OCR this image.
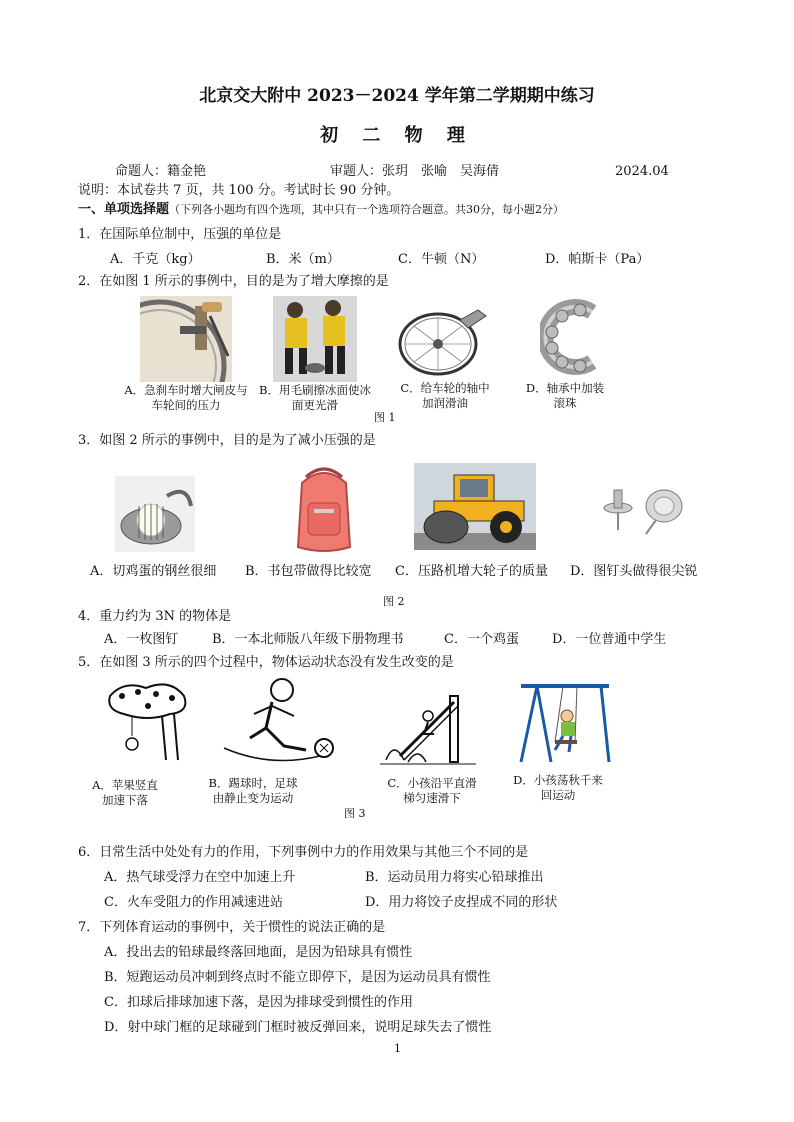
北京交大附中 2023－2024 学年第二学期期中练习
初 二 物 理
命题人：籍金艳	审题人：张玥　张喻　吴海倩	2024.04
说明：本试卷共 7 页，共 100 分。考试时长 90 分钟。
一、单项选择题（下列各小题均有四个选项，其中只有一个选项符合题意。共30分，每小题2分）
1．在国际单位制中，压强的单位是
A．千克（kg）	B．米（m）	C．牛顿（N）	D．帕斯卡（Pa）
2．在如图 1 所示的事例中，目的是为了增大摩擦的是
A．急刹车时增大闸皮与车轮间的压力
B．用毛刷擦冰面使冰面更光滑
C．给车轮的轴中加润滑油
D．轴承中加装滚珠
图 1
3．如图 2 所示的事例中，目的是为了减小压强的是
A．切鸡蛋的钢丝很细 B．书包带做得比较宽 C．压路机增大轮子的质量 D．图钉头做得很尖锐
图 2
4．重力约为 3N 的物体是
A．一枚图钉	B．一本北师版八年级下册物理书	C．一个鸡蛋	D．一位普通中学生
5．在如图 3 所示的四个过程中，物体运动状态没有发生改变的是
A．苹果竖直加速下落
B．踢球时，足球由静止变为运动
C．小孩沿平直滑梯匀速滑下
D．小孩荡秋千来回运动
图 3
6．日常生活中处处有力的作用，下列事例中力的作用效果与其他三个不同的是
A．热气球受浮力在空中加速上升	B．运动员用力将实心铅球推出
C．火车受阻力的作用减速进站	D．用力将饺子皮捏成不同的形状
7．下列体育运动的事例中，关于惯性的说法正确的是
A．投出去的铅球最终落回地面，是因为铅球具有惯性
B．短跑运动员冲刺到终点时不能立即停下，是因为运动员具有惯性
C．扣球后排球加速下落，是因为排球受到惯性的作用
D．射中球门框的足球碰到门框时被反弹回来，说明足球失去了惯性
1
